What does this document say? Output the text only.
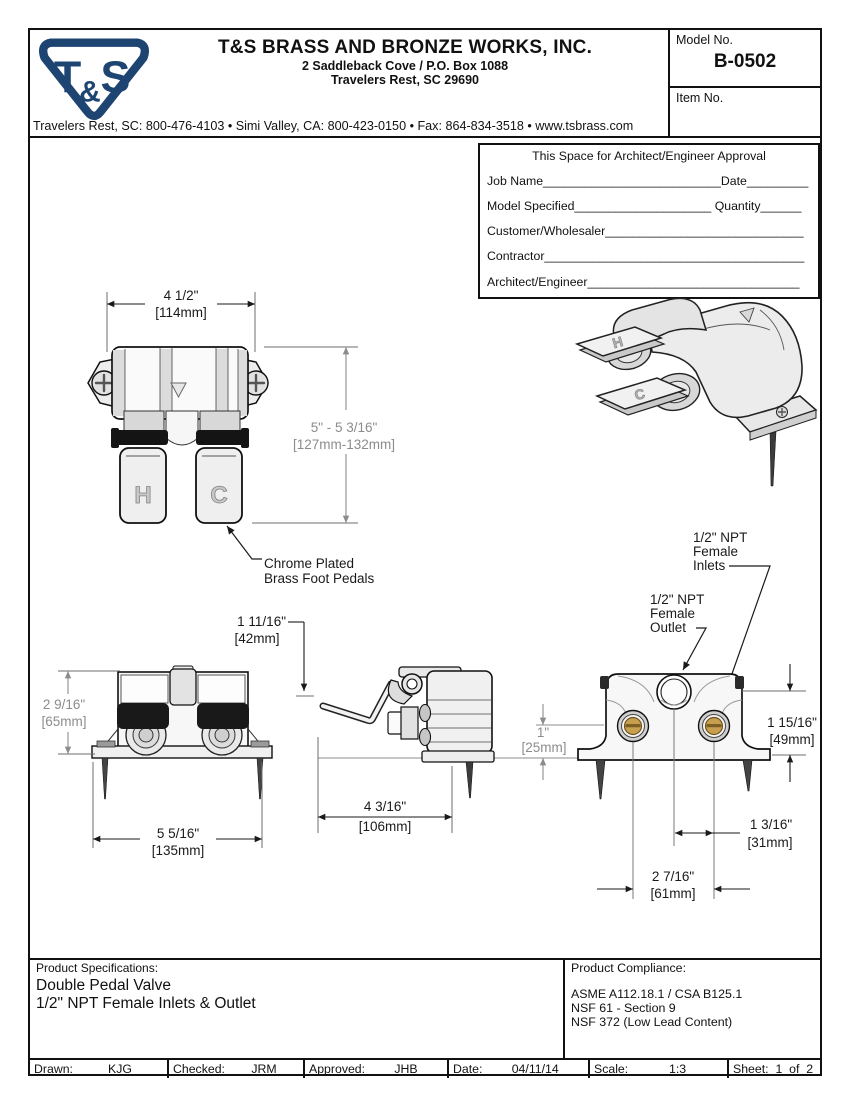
T
& S
T&S BRASS AND BRONZE WORKS, INC.
2 Saddleback Cove / P.O. Box 1088
Travelers Rest, SC 29690
Travelers Rest, SC: 800-476-4103 • Simi Valley, CA: 800-423-0150 • Fax: 864-834-3518 • www.tsbrass.com
Model No.
B-0502
Item No.
This Space for Architect/Engineer Approval
Job Name__________________________Date_________
Model Specified____________________ Quantity______
Customer/Wholesaler_____________________________
Contractor______________________________________
Architect/Engineer_______________________________
H C
4 1/2"
[114mm]
5" - 5 3/16"
[127mm-132mm]
Chrome Plated
Brass Foot Pedals
H
C
2 9/16"
[65mm]
5 5/16"
[135mm]
1 11/16"
[42mm]
4 3/16"
[106mm]
1/2" NPT
Female
Inlets
1/2" NPT
Female
Outlet
1"
[25mm]
1 15/16"
[49mm]
1 3/16"
[31mm]
2 7/16"
[61mm]
Product Specifications:
Double Pedal Valve
1/2" NPT Female Inlets & Outlet
Product Compliance:
ASME A112.18.1 / CSA B125.1
NSF 61 - Section 9
NSF 372 (Low Lead Content)
Drawn:	KJG	Checked:	JRM	Approved:	JHB	Date:	04/11/14	Scale:	1:3	Sheet: 1  of  2
